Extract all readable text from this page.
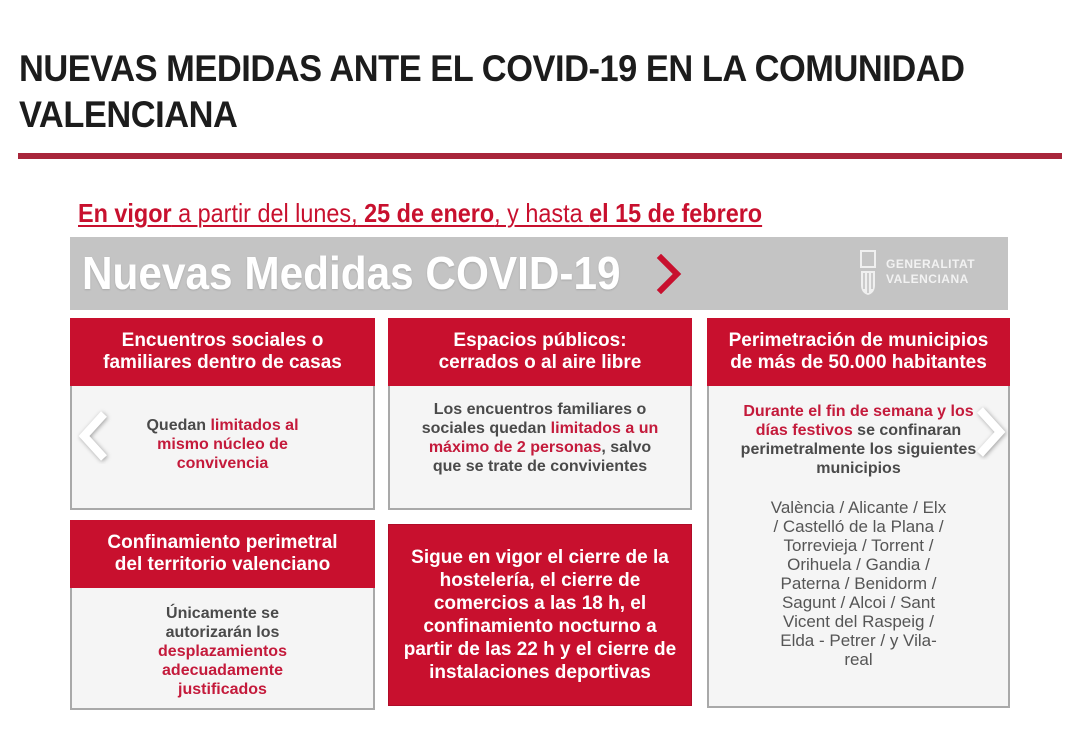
NUEVAS MEDIDAS ANTE EL COVID-19 EN LA COMUNIDAD VALENCIANA
En vigor a partir del lunes, 25 de enero, y hasta el 15 de febrero
Nuevas Medidas COVID-19	GENERALITAT
VALENCIANA
Encuentros sociales o
familiares dentro de casas
Quedan limitados al mismo núcleo de convivencia
Espacios públicos:
cerrados o al aire libre
Los encuentros familiares o sociales quedan limitados a un máximo de 2 personas, salvo que se trate de convivientes
Perimetración de municipios
de más de 50.000 habitantes
Durante el fin de semana y los días festivos se confinaran perimetralmente los siguientes municipios
València / Alicante / Elx / Castelló de la Plana / Torrevieja / Torrent / Orihuela / Gandia / Paterna / Benidorm / Sagunt / Alcoi / Sant Vicent del Raspeig / Elda - Petrer / y Vila-real
Confinamiento perimetral
del territorio valenciano
Únicamente se autorizarán los desplazamientos adecuadamente justificados
Sigue en vigor el cierre de la hostelería, el cierre de comercios a las 18 h, el confinamiento nocturno a partir de las 22 h y el cierre de instalaciones deportivas
